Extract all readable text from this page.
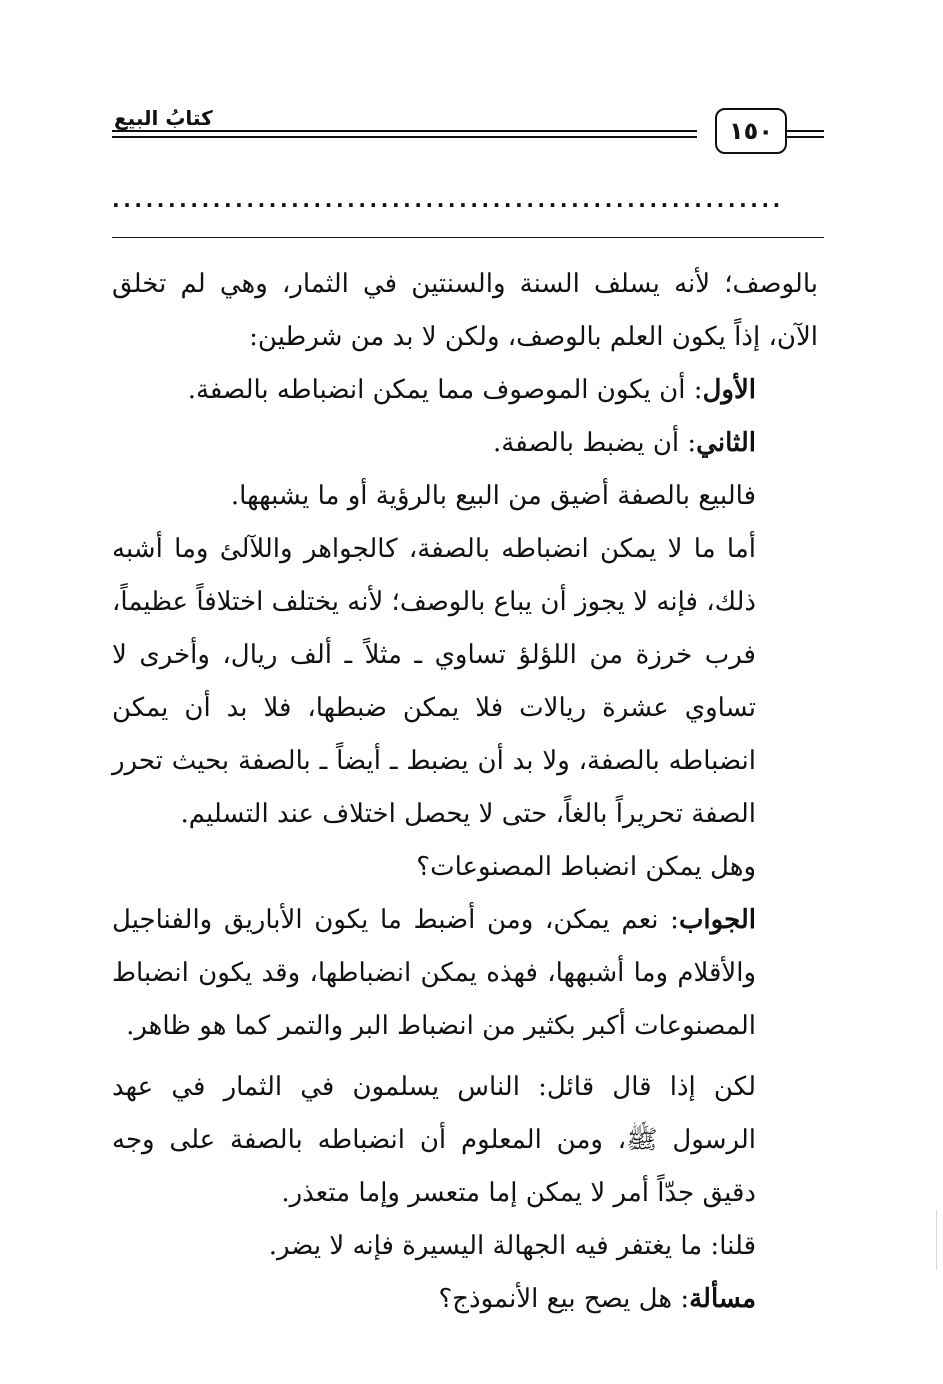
كتابُ البيع	١٥٠
............................................................

بالوصف؛ لأنه يسلف السنة والسنتين في الثمار، وهي لم تخلق الآن، إذاً يكون العلم بالوصف، ولكن لا بد من شرطين:

الأول: أن يكون الموصوف مما يمكن انضباطه بالصفة.

الثاني: أن يضبط بالصفة.

فالبيع بالصفة أضيق من البيع بالرؤية أو ما يشبهها.

أما ما لا يمكن انضباطه بالصفة، كالجواهر واللآلئ وما أشبه ذلك، فإنه لا يجوز أن يباع بالوصف؛ لأنه يختلف اختلافاً عظيماً، فرب خرزة من اللؤلؤ تساوي ـ مثلاً ـ ألف ريال، وأخرى لا تساوي عشرة ريالات فلا يمكن ضبطها، فلا بد أن يمكن انضباطه بالصفة، ولا بد أن يضبط ـ أيضاً ـ بالصفة بحيث تحرر الصفة تحريراً بالغاً، حتى لا يحصل اختلاف عند التسليم.

وهل يمكن انضباط المصنوعات؟

الجواب: نعم يمكن، ومن أضبط ما يكون الأباريق والفناجيل والأقلام وما أشبهها، فهذه يمكن انضباطها، وقد يكون انضباط المصنوعات أكبر بكثير من انضباط البر والتمر كما هو ظاهر.

لكن إذا قال قائل: الناس يسلمون في الثمار في عهد الرسول ﷺ، ومن المعلوم أن انضباطه بالصفة على وجه دقيق جدّاً أمر لا يمكن إما متعسر وإما متعذر.

قلنا: ما يغتفر فيه الجهالة اليسيرة فإنه لا يضر.

مسألة: هل يصح بيع الأنموذج؟
